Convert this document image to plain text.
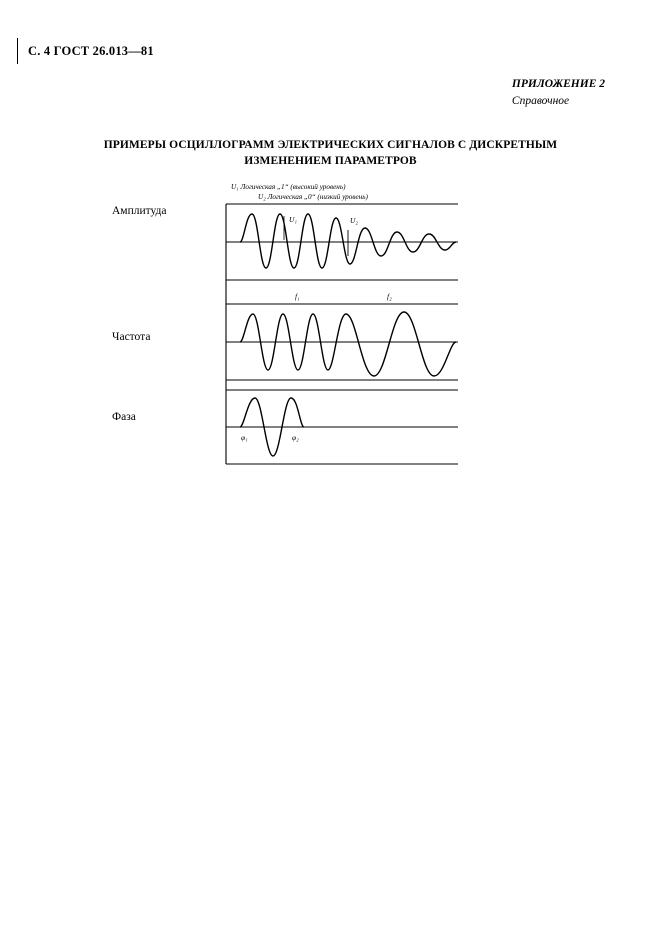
С. 4 ГОСТ 26.013—81
ПРИЛОЖЕНИЕ 2
Справочное
ПРИМЕРЫ ОСЦИЛЛОГРАММ ЭЛЕКТРИЧЕСКИХ СИГНАЛОВ С ДИСКРЕТНЫМ
ИЗМЕНЕНИЕМ ПАРАМЕТРОВ
Амплитуда
Частота
Фаза
U₁ Логическая „1“ (высокий уровень)
U₂ Логическая „0“ (низкий уровень)
U₁	U₂
f₁	f₂
φ₁	φ₂
